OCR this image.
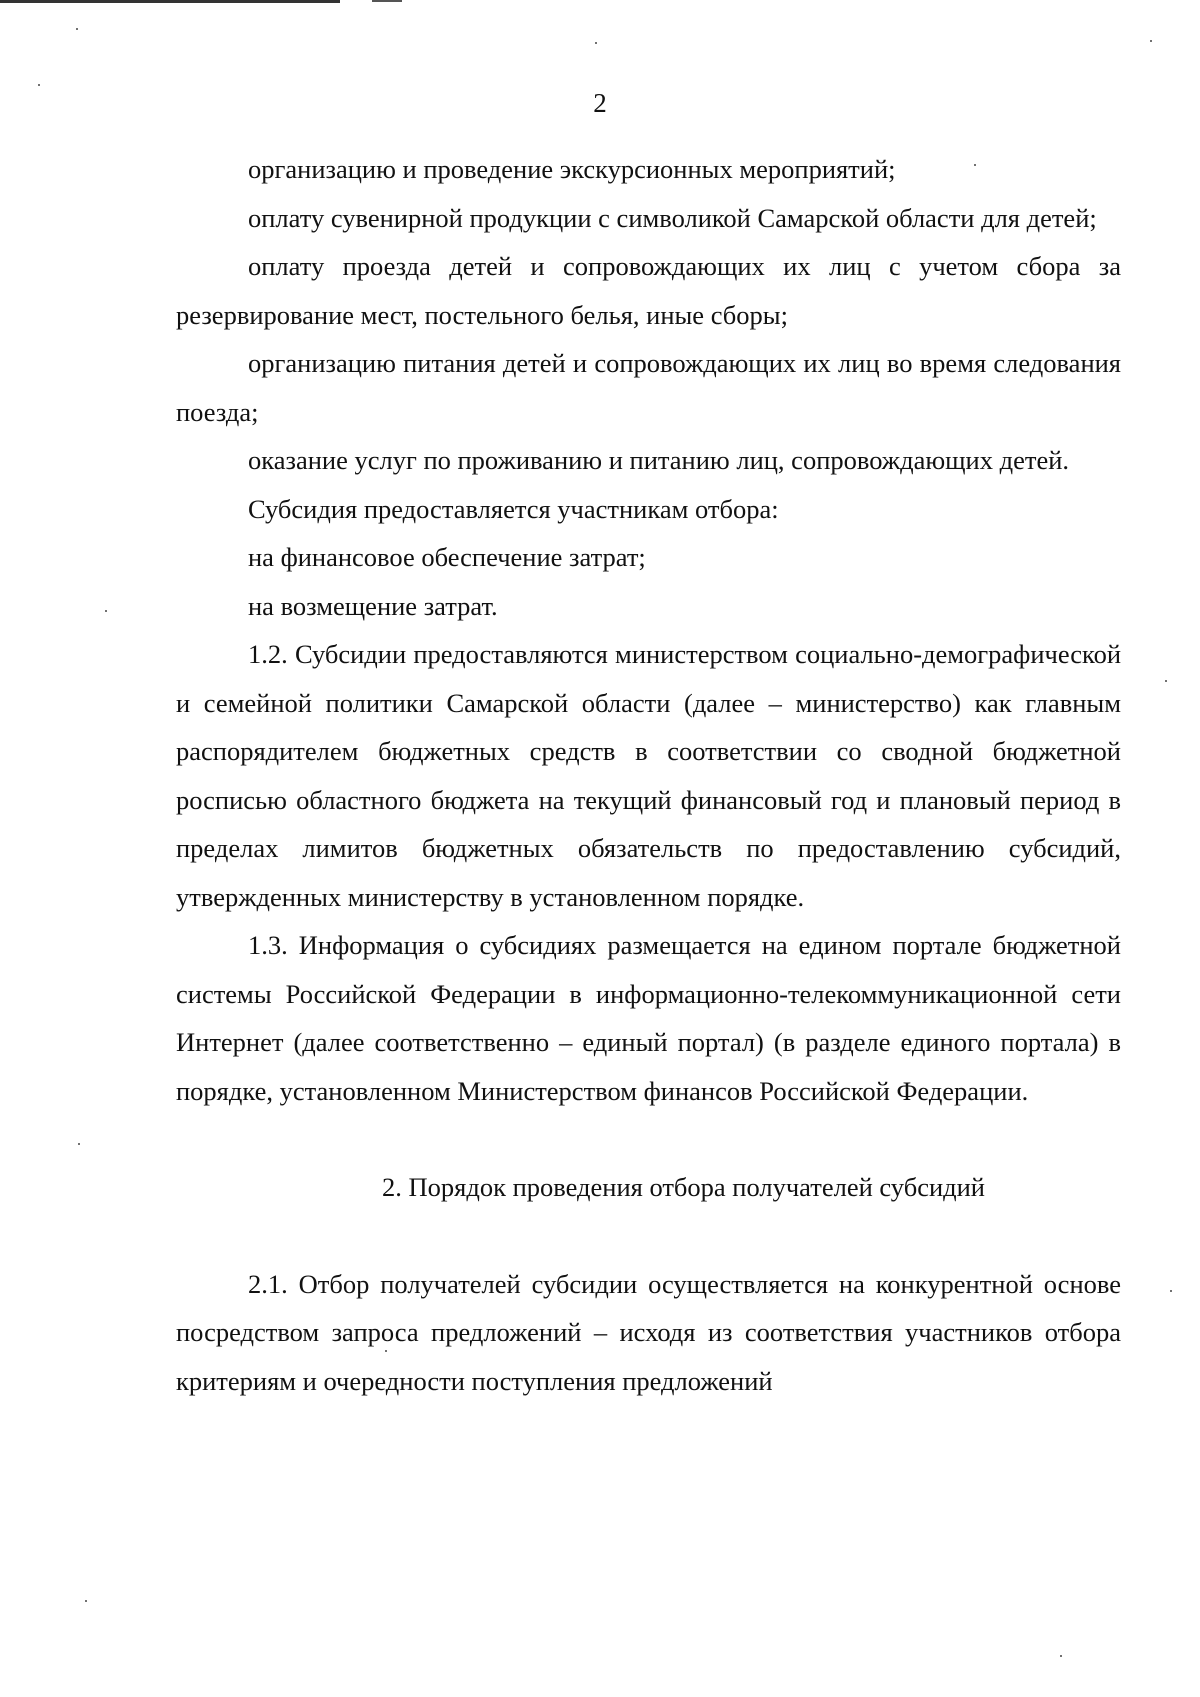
2

организацию и проведение экскурсионных мероприятий;

оплату сувенирной продукции с символикой Самарской области для детей;

оплату проезда детей и сопровождающих их лиц с учетом сбора за резервирование мест, постельного белья, иные сборы;

организацию питания детей и сопровождающих их лиц во время следования поезда;

оказание услуг по проживанию и питанию лиц, сопровождающих детей.

Субсидия предоставляется участникам отбора:

на финансовое обеспечение затрат;

на возмещение затрат.

1.2. Субсидии предоставляются министерством социально-демографической и семейной политики Самарской области (далее – министерство) как главным распорядителем бюджетных средств в соответствии со сводной бюджетной росписью областного бюджета на текущий финансовый год и плановый период в пределах лимитов бюджетных обязательств по предоставлению субсидий, утвержденных министерству в установленном порядке.

1.3. Информация о субсидиях размещается на едином портале бюджетной системы Российской Федерации в информационно-телекоммуникационной сети Интернет (далее соответственно – единый портал) (в разделе единого портала) в порядке, установленном Министерством финансов Российской Федерации.

2. Порядок проведения отбора получателей субсидий

2.1. Отбор получателей субсидии осуществляется на конкурентной основе посредством запроса предложений – исходя из соответствия участников отбора критериям и очередности поступления предложений
